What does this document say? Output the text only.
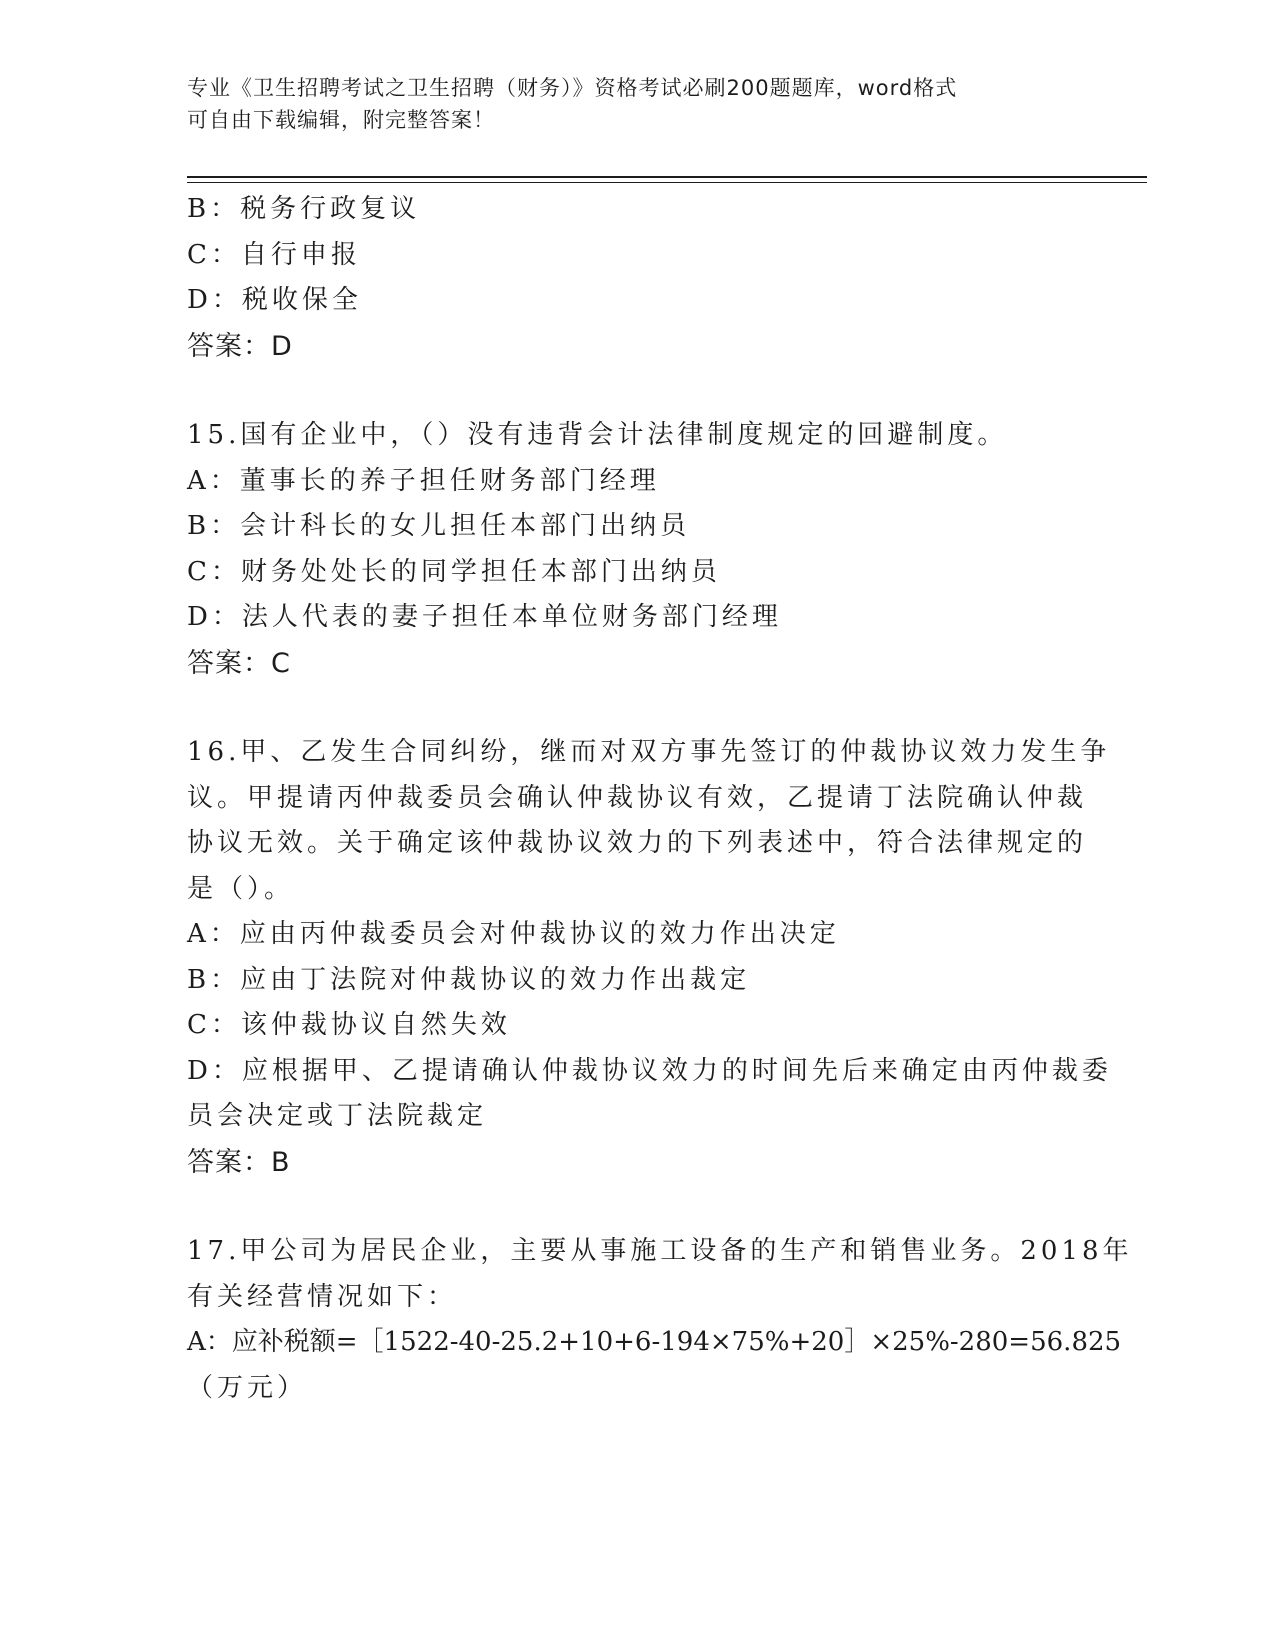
专业《卫生招聘考试之卫生招聘（财务）》资格考试必刷200题题库，word格式
可自由下载编辑，附完整答案！
B：税务行政复议
C：自行申报
D：税收保全
答案：D
15.国有企业中，（）没有违背会计法律制度规定的回避制度。
A：董事长的养子担任财务部门经理
B：会计科长的女儿担任本部门出纳员
C：财务处处长的同学担任本部门出纳员
D：法人代表的妻子担任本单位财务部门经理
答案：C
16.甲、乙发生合同纠纷，继而对双方事先签订的仲裁协议效力发生争
议。甲提请丙仲裁委员会确认仲裁协议有效，乙提请丁法院确认仲裁
协议无效。关于确定该仲裁协议效力的下列表述中，符合法律规定的
是（）。
A：应由丙仲裁委员会对仲裁协议的效力作出决定
B：应由丁法院对仲裁协议的效力作出裁定
C：该仲裁协议自然失效
D：应根据甲、乙提请确认仲裁协议效力的时间先后来确定由丙仲裁委
员会决定或丁法院裁定
答案：B
17.甲公司为居民企业，主要从事施工设备的生产和销售业务。2018年
有关经营情况如下：
A：应补税额=［1522-40-25.2+10+6-194×75%+20］×25%-280=56.825
（万元）
